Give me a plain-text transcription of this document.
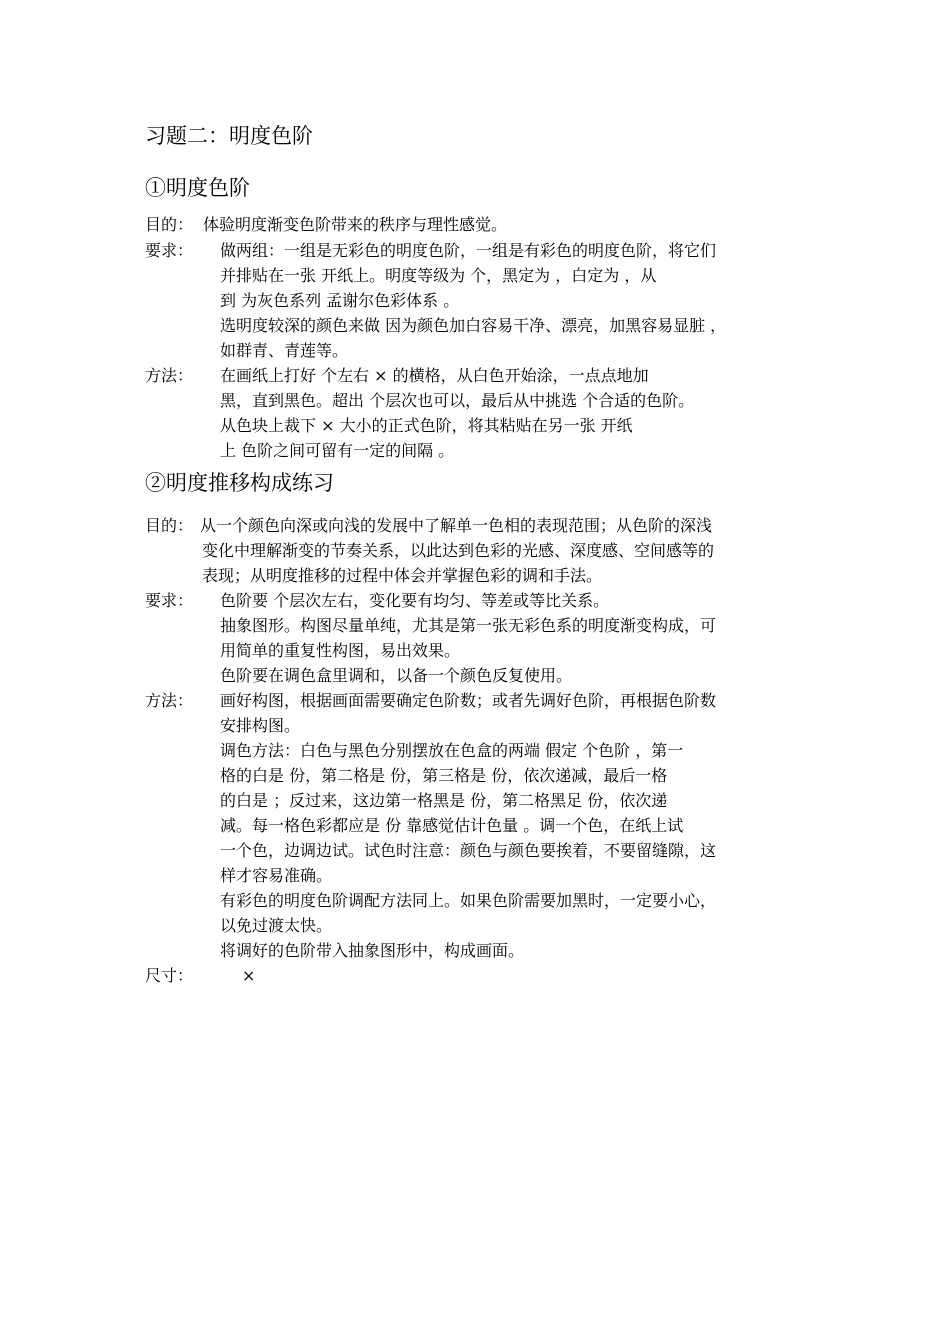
习题二：明度色阶
①明度色阶
目的： 体验明度渐变色阶带来的秩序与理性感觉。
要求： 做两组：一组是无彩色的明度色阶，一组是有彩色的明度色阶，将它们
并排贴在一张 开纸上。明度等级为 个，黑定为 ，白定为 ，从
到 为灰色系列 孟谢尔色彩体系 。
选明度较深的颜色来做 因为颜色加白容易干净、漂亮，加黑容易显脏 ，
如群青、青莲等。
方法： 在画纸上打好 个左右 × 的横格，从白色开始涂，一点点地加
黑，直到黑色。超出 个层次也可以，最后从中挑选 个合适的色阶。
从色块上裁下 × 大小的正式色阶，将其粘贴在另一张 开纸
上 色阶之间可留有一定的间隔 。
②明度推移构成练习
目的： 从一个颜色向深或向浅的发展中了解单一色相的表现范围；从色阶的深浅
变化中理解渐变的节奏关系，以此达到色彩的光感、深度感、空间感等的
表现；从明度推移的过程中体会并掌握色彩的调和手法。
要求： 色阶要 个层次左右，变化要有均匀、等差或等比关系。
抽象图形。构图尽量单纯，尤其是第一张无彩色系的明度渐变构成，可
用简单的重复性构图，易出效果。
色阶要在调色盒里调和，以备一个颜色反复使用。
方法： 画好构图，根据画面需要确定色阶数；或者先调好色阶，再根据色阶数
安排构图。
调色方法：白色与黑色分别摆放在色盒的两端 假定 个色阶 ，第一
格的白是 份，第二格是 份，第三格是 份，依次递减，最后一格
的白是 ；反过来，这边第一格黑是 份，第二格黑足 份，依次递
减。每一格色彩都应是 份 靠感觉估计色量 。调一个色，在纸上试
一个色，边调边试。试色时注意：颜色与颜色要挨着，不要留缝隙，这
样才容易准确。
有彩色的明度色阶调配方法同上。如果色阶需要加黑时，一定要小心，
以免过渡太快。
将调好的色阶带入抽象图形中，构成画面。
尺寸：	×
